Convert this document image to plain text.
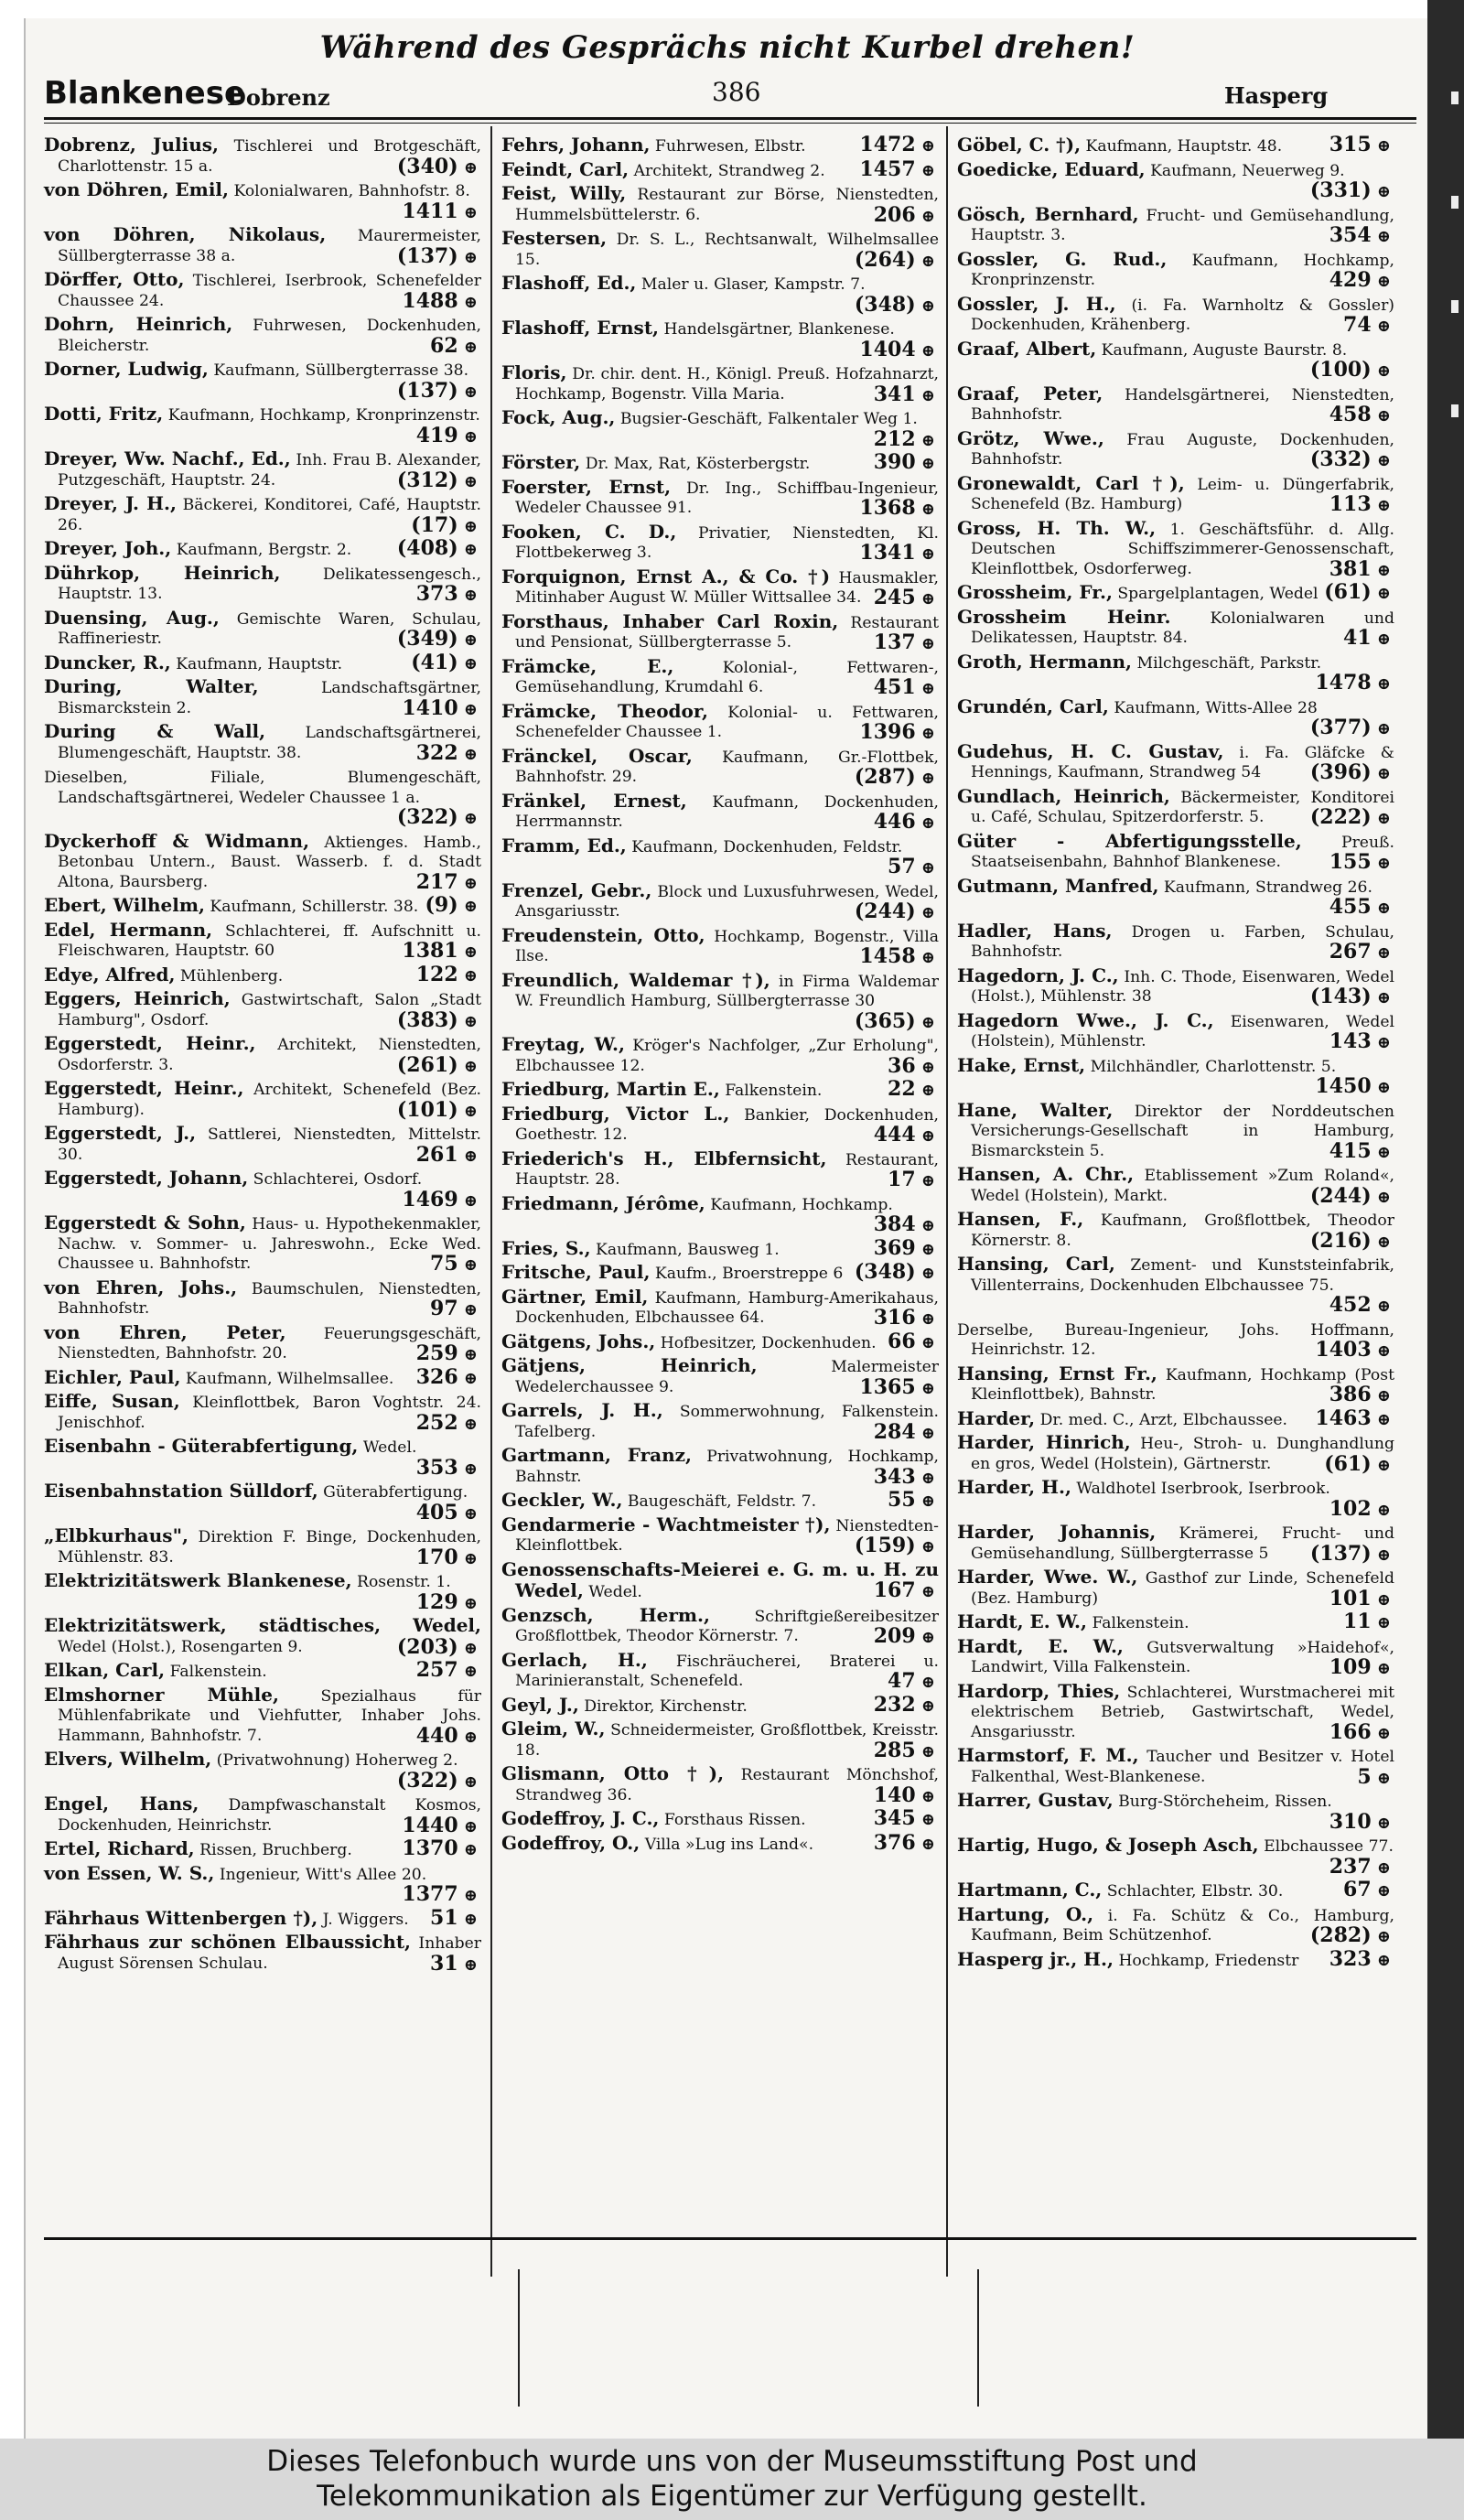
Während des Gesprächs nicht Kurbel drehen!
Blankenese
Dobrenz	386	Hasperg
Dobrenz, Julius, Tischlerei und Brotgeschäft, Charlottenstr. 15 a.	(340) ⊕
von Döhren, Emil, Kolonialwaren, Bahnhofstr. 8.
1411 ⊕
von Döhren, Nikolaus, Maurermeister, Süllbergterrasse 38 a.	(137) ⊕
Dörffer, Otto, Tischlerei, Iserbrook, Schenefelder Chaussee 24.	1488 ⊕
Dohrn, Heinrich, Fuhrwesen, Dockenhuden, Bleicherstr.	62 ⊕
Dorner, Ludwig, Kaufmann, Süllbergterrasse 38.
(137) ⊕
Dotti, Fritz, Kaufmann, Hochkamp, Kronprinzenstr.
419 ⊕
Dreyer, Ww. Nachf., Ed., Inh. Frau B. Alexander, Putzgeschäft, Hauptstr. 24.	(312) ⊕
Dreyer, J. H., Bäckerei, Konditorei, Café, Hauptstr. 26.	(17) ⊕
Dreyer, Joh., Kaufmann, Bergstr. 2. (408) ⊕
Dührkop, Heinrich,	Delikatessengesch., Hauptstr. 13.	373 ⊕
Duensing, Aug., Gemischte Waren, Schulau, Raffineriestr.	(349) ⊕
Duncker, R., Kaufmann, Hauptstr.	(41) ⊕
During, Walter,	Landschaftsgärtner, Bismarckstein 2.	1410 ⊕
During & Wall,	Landschaftsgärtnerei, Blumengeschäft, Hauptstr. 38.	322 ⊕
Dieselben, Filiale, Blumengeschäft, Landschaftsgärtnerei, Wedeler Chaussee 1 a.
(322) ⊕
Dyckerhoff & Widmann, Aktienges. Hamb., Betonbau Untern., Baust. Wasserb. f. d. Stadt Altona, Baursberg.	217 ⊕
Ebert, Wilhelm, Kaufmann, Schillerstr. 38. (9) ⊕
Edel, Hermann, Schlachterei, ff. Aufschnitt u. Fleischwaren, Hauptstr. 60	1381 ⊕
Edye, Alfred, Mühlenberg.	122 ⊕
Eggers, Heinrich, Gastwirtschaft, Salon „Stadt Hamburg", Osdorf.	(383) ⊕
Eggerstedt, Heinr., Architekt, Nienstedten, Osdorferstr. 3.	(261) ⊕
Eggerstedt, Heinr., Architekt, Schenefeld (Bez. Hamburg).	(101) ⊕
Eggerstedt, J., Sattlerei, Nienstedten, Mittelstr. 30.	261 ⊕
Eggerstedt, Johann, Schlachterei, Osdorf.
1469 ⊕
Eggerstedt & Sohn, Haus- u. Hypothekenmakler, Nachw. v. Sommer- u. Jahreswohn., Ecke Wed. Chaussee u. Bahnhofstr.	75 ⊕
von Ehren, Johs., Baumschulen, Nienstedten, Bahnhofstr.	97 ⊕
von Ehren, Peter, Feuerungsgeschäft, Nienstedten, Bahnhofstr. 20.	259 ⊕
Eichler, Paul, Kaufmann, Wilhelmsallee. 326 ⊕
Eiffe, Susan, Kleinflottbek, Baron Voghtstr. 24. Jenischhof.	252 ⊕
Eisenbahn - Güterabfertigung, Wedel.
353 ⊕
Eisenbahnstation Sülldorf, Güterabfertigung.
405 ⊕
„Elbkurhaus", Direktion F. Binge, Dockenhuden, Mühlenstr. 83.	170 ⊕
Elektrizitätswerk Blankenese, Rosenstr. 1.
129 ⊕
Elektrizitätswerk, städtisches, Wedel, Wedel (Holst.), Rosengarten 9.	(203) ⊕
Elkan, Carl, Falkenstein.	257 ⊕
Elmshorner Mühle,	Spezialhaus für Mühlenfabrikate und Viehfutter, Inhaber Johs. Hammann, Bahnhofstr. 7.	440 ⊕
Elvers, Wilhelm, (Privatwohnung) Hoherweg 2.
(322) ⊕
Engel, Hans, Dampfwaschanstalt Kosmos, Dockenhuden, Heinrichstr.	1440 ⊕
Ertel, Richard, Rissen, Bruchberg. 1370 ⊕
von Essen, W. S., Ingenieur, Witt's Allee 20.
1377 ⊕
Fährhaus Wittenbergen †), J. Wiggers. 51 ⊕
Fährhaus zur schönen Elbaussicht, Inhaber August Sörensen Schulau.	31 ⊕
Fehrs, Johann, Fuhrwesen, Elbstr.	1472 ⊕
Feindt, Carl, Architekt, Strandweg 2. 1457 ⊕
Feist, Willy, Restaurant zur Börse, Nienstedten, Hummelsbüttelerstr. 6.	206 ⊕
Festersen, Dr. S. L., Rechtsanwalt, Wilhelmsallee 15.	(264) ⊕
Flashoff, Ed., Maler u. Glaser, Kampstr. 7.
(348) ⊕
Flashoff, Ernst, Handelsgärtner, Blankenese.
1404 ⊕
Floris, Dr. chir. dent. H., Königl. Preuß. Hofzahnarzt, Hochkamp, Bogenstr. Villa Maria.	341 ⊕
Fock, Aug., Bugsier-Geschäft, Falkentaler Weg 1.
212 ⊕
Förster, Dr. Max, Rat, Kösterbergstr.	390 ⊕
Foerster, Ernst, Dr. Ing., Schiffbau-Ingenieur, Wedeler Chaussee 91.	1368 ⊕
Fooken, C. D., Privatier, Nienstedten, Kl. Flottbekerweg 3.	1341 ⊕
Forquignon, Ernst A., & Co. †) Hausmakler, Mitinhaber August W. Müller Wittsallee 34. 245 ⊕
Forsthaus, Inhaber Carl Roxin, Restaurant und Pensionat, Süllbergterrasse 5.	137 ⊕
Främcke, E.,	Kolonial-, Fettwaren-, Gemüsehandlung, Krumdahl 6.	451 ⊕
Främcke, Theodor, Kolonial- u. Fettwaren, Schenefelder Chaussee 1.	1396 ⊕
Fränckel, Oscar, Kaufmann, Gr.-Flottbek, Bahnhofstr. 29.	(287) ⊕
Fränkel, Ernest, Kaufmann, Dockenhuden, Herrmannstr.	446 ⊕
Framm, Ed., Kaufmann, Dockenhuden, Feldstr.
57 ⊕
Frenzel, Gebr., Block und Luxusfuhrwesen, Wedel, Ansgariusstr.	(244) ⊕
Freudenstein, Otto, Hochkamp, Bogenstr., Villa Ilse.	1458 ⊕
Freundlich, Waldemar †), in Firma Waldemar W. Freundlich Hamburg, Süllbergterrasse 30
(365) ⊕
Freytag, W., Kröger's Nachfolger, „Zur Erholung", Elbchaussee 12.	36 ⊕
Friedburg, Martin E., Falkenstein.	22 ⊕
Friedburg, Victor L., Bankier, Dockenhuden, Goethestr. 12.	444 ⊕
Friederich's H., Elbfernsicht, Restaurant, Hauptstr. 28.	17 ⊕
Friedmann, Jérôme, Kaufmann, Hochkamp.
384 ⊕
Fries, S., Kaufmann, Bausweg 1.	369 ⊕
Fritsche, Paul, Kaufm., Broerstreppe 6 (348) ⊕
Gärtner, Emil, Kaufmann, Hamburg-Amerikahaus, Dockenhuden, Elbchaussee 64.	316 ⊕
Gätgens, Johs., Hofbesitzer, Dockenhuden. 66 ⊕
Gätjens, Heinrich,	Malermeister Wedelerchaussee 9.	1365 ⊕
Garrels, J. H., Sommerwohnung, Falkenstein. Tafelberg.	284 ⊕
Gartmann, Franz, Privatwohnung, Hochkamp, Bahnstr.	343 ⊕
Geckler, W., Baugeschäft, Feldstr. 7.	55 ⊕
Gendarmerie - Wachtmeister †), Nienstedten-Kleinflottbek.	(159) ⊕
Genossenschafts-Meierei e. G. m. u. H. zu Wedel, Wedel.	167 ⊕
Genzsch, Herm.,	Schriftgießereibesitzer Großflottbek, Theodor Körnerstr. 7.	209 ⊕
Gerlach, H., Fischräucherei, Braterei u. Marinieranstalt, Schenefeld.	47 ⊕
Geyl, J., Direktor, Kirchenstr.	232 ⊕
Gleim, W., Schneidermeister, Großflottbek, Kreisstr. 18.	285 ⊕
Glismann, Otto †), Restaurant Mönchshof, Strandweg 36.	140 ⊕
Godeffroy, J. C., Forsthaus Rissen.	345 ⊕
Godeffroy, O., Villa »Lug ins Land«.	376 ⊕
Göbel, C. †), Kaufmann, Hauptstr. 48. 315 ⊕
Goedicke, Eduard, Kaufmann, Neuerweg 9.
(331) ⊕
Gösch, Bernhard, Frucht- und Gemüsehandlung, Hauptstr. 3.	354 ⊕
Gossler, G. Rud., Kaufmann, Hochkamp, Kronprinzenstr.	429 ⊕
Gossler, J. H., (i. Fa. Warnholtz & Gossler) Dockenhuden, Krähenberg.	74 ⊕
Graaf, Albert, Kaufmann, Auguste Baurstr. 8.
(100) ⊕
Graaf, Peter, Handelsgärtnerei, Nienstedten, Bahnhofstr.	458 ⊕
Grötz, Wwe., Frau Auguste, Dockenhuden, Bahnhofstr.	(332) ⊕
Gronewaldt, Carl †), Leim- u. Düngerfabrik, Schenefeld (Bz. Hamburg)	113 ⊕
Gross, H. Th. W., 1. Geschäftsführ. d. Allg. Deutschen Schiffszimmerer-Genossenschaft, Kleinflottbek, Osdorferweg.	381 ⊕
Grossheim, Fr., Spargelplantagen, Wedel (61) ⊕
Grossheim Heinr.	Kolonialwaren und Delikatessen, Hauptstr. 84.	41 ⊕
Groth, Hermann, Milchgeschäft, Parkstr.
1478 ⊕
Grundén, Carl, Kaufmann, Witts-Allee 28
(377) ⊕
Gudehus, H. C. Gustav, i. Fa. Gläfcke & Hennings, Kaufmann, Strandweg 54 (396) ⊕
Gundlach, Heinrich, Bäckermeister, Konditorei u. Café, Schulau, Spitzerdorferstr. 5. (222) ⊕
Güter - Abfertigungsstelle,	Preuß. Staatseisenbahn, Bahnhof Blankenese. 155 ⊕
Gutmann, Manfred, Kaufmann, Strandweg 26.
455 ⊕
Hadler, Hans, Drogen u. Farben, Schulau, Bahnhofstr.	267 ⊕
Hagedorn, J. C., Inh. C. Thode, Eisenwaren, Wedel (Holst.), Mühlenstr. 38	(143) ⊕
Hagedorn Wwe., J. C., Eisenwaren, Wedel (Holstein), Mühlenstr.	143 ⊕
Hake, Ernst, Milchhändler, Charlottenstr. 5.
1450 ⊕
Hane, Walter, Direktor der Norddeutschen Versicherungs-Gesellschaft in Hamburg, Bismarckstein 5.	415 ⊕
Hansen, A. Chr., Etablissement »Zum Roland«, Wedel (Holstein), Markt.	(244) ⊕
Hansen, F., Kaufmann, Großflottbek, Theodor Körnerstr. 8.	(216) ⊕
Hansing, Carl, Zement- und Kunststeinfabrik, Villenterrains, Dockenhuden Elbchaussee 75.
452 ⊕
Derselbe, Bureau-Ingenieur, Johs. Hoffmann, Heinrichstr. 12.	1403 ⊕
Hansing, Ernst Fr., Kaufmann, Hochkamp (Post Kleinflottbek), Bahnstr.	386 ⊕
Harder, Dr. med. C., Arzt, Elbchaussee. 1463 ⊕
Harder, Hinrich, Heu-, Stroh- u. Dunghandlung en gros, Wedel (Holstein), Gärtnerstr.	(61) ⊕
Harder, H., Waldhotel Iserbrook, Iserbrook.
102 ⊕
Harder, Johannis, Krämerei, Frucht- und Gemüsehandlung, Süllbergterrasse 5 (137) ⊕
Harder, Wwe. W., Gasthof zur Linde, Schenefeld (Bez. Hamburg)	101 ⊕
Hardt, E. W., Falkenstein.	11 ⊕
Hardt, E. W., Gutsverwaltung »Haidehof«, Landwirt, Villa Falkenstein.	109 ⊕
Hardorp, Thies, Schlachterei, Wurstmacherei mit elektrischem Betrieb, Gastwirtschaft, Wedel, Ansgariusstr.	166 ⊕
Harmstorf, F. M., Taucher und Besitzer v. Hotel Falkenthal, West-Blankenese.	5 ⊕
Harrer, Gustav, Burg-Störcheheim, Rissen.
310 ⊕
Hartig, Hugo, & Joseph Asch, Elbchaussee 77.
237 ⊕
Hartmann, C., Schlachter, Elbstr. 30.	67 ⊕
Hartung, O., i. Fa. Schütz & Co., Hamburg, Kaufmann, Beim Schützenhof.	(282) ⊕
Hasperg jr., H., Hochkamp, Friedenstr 323 ⊕
Dieses Telefonbuch wurde uns von der Museumsstiftung Post und
Telekommunikation als Eigentümer zur Verfügung gestellt.
